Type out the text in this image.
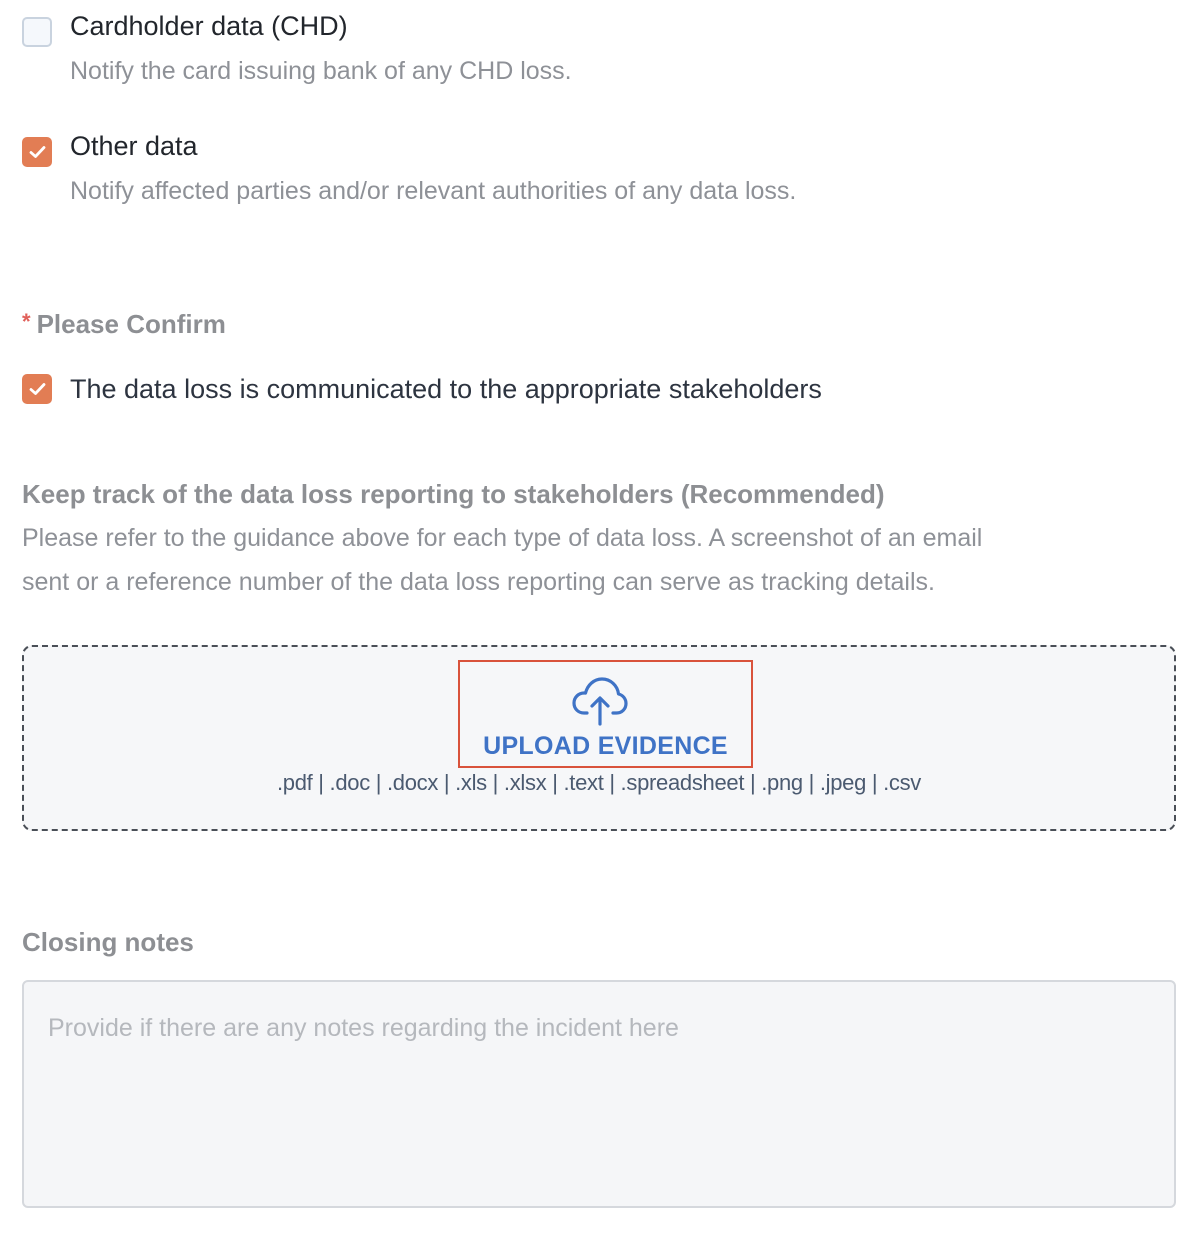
Cardholder data (CHD)
Notify the card issuing bank of any CHD loss.
Other data
Notify affected parties and/or relevant authorities of any data loss.
* Please Confirm
The data loss is communicated to the appropriate stakeholders
Keep track of the data loss reporting to stakeholders (Recommended)
Please refer to the guidance above for each type of data loss. A screenshot of an email
sent or a reference number of the data loss reporting can serve as tracking details.
UPLOAD EVIDENCE
.pdf | .doc | .docx | .xls | .xlsx | .text | .spreadsheet | .png | .jpeg | .csv
Closing notes
Provide if there are any notes regarding the incident here
